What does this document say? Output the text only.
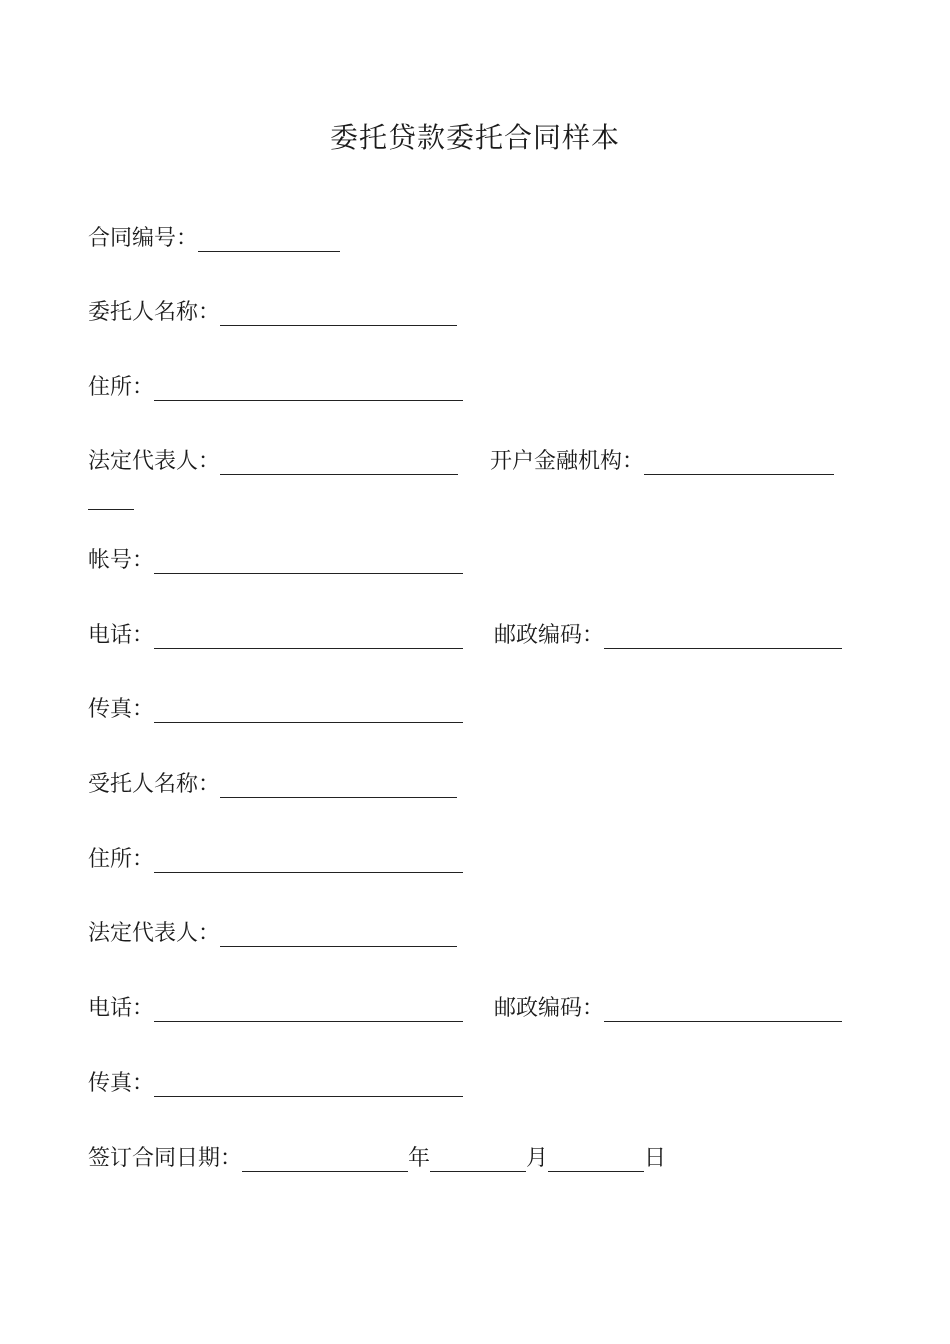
委托贷款委托合同样本
合同编号：
委托人名称：
住所：
法定代表人：	开户金融机构：
帐号：
电话：	邮政编码：
传真：
受托人名称：
住所：
法定代表人：
电话：	邮政编码：
传真：
签订合同日期：	年	月	日
